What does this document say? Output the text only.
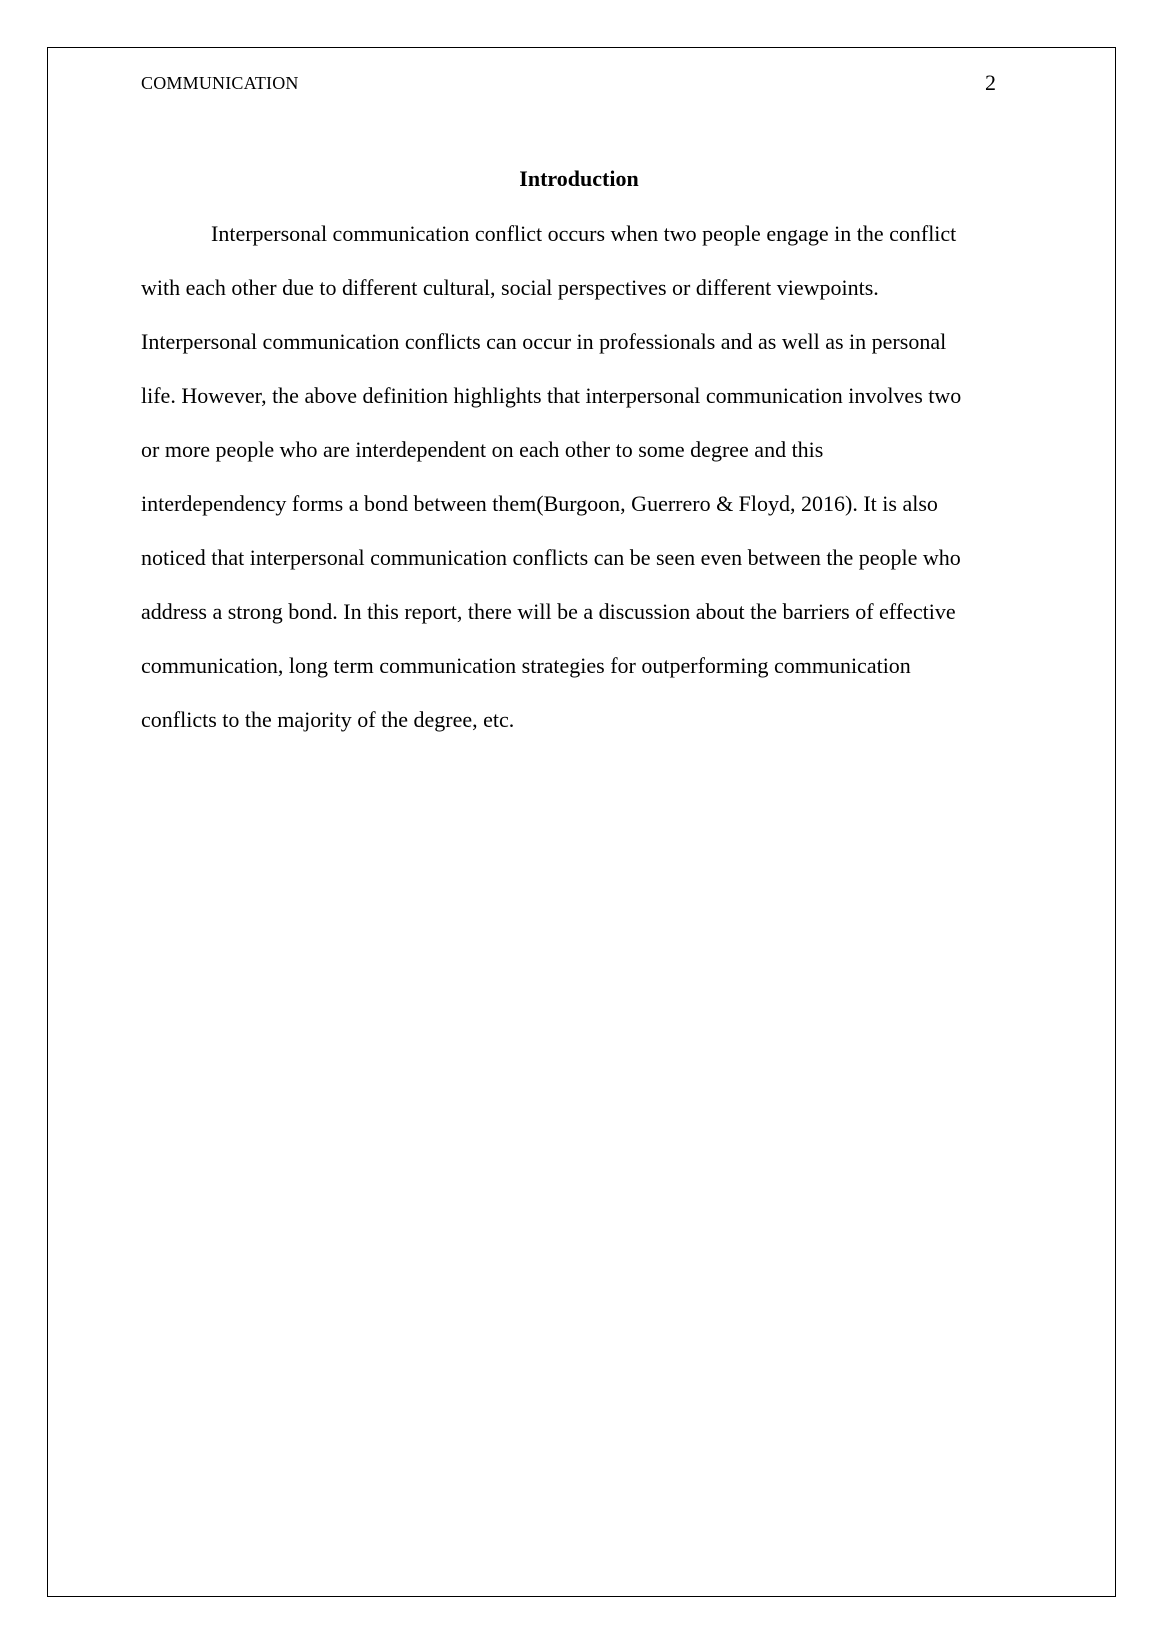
COMMUNICATION	2
Introduction
Interpersonal communication conflict occurs when two people engage in the conflict
with each other due to different cultural, social perspectives or different viewpoints.
Interpersonal communication conflicts can occur in professionals and as well as in personal
life. However, the above definition highlights that interpersonal communication involves two
or more people who are interdependent on each other to some degree and this
interdependency forms a bond between them(Burgoon, Guerrero & Floyd, 2016). It is also
noticed that interpersonal communication conflicts can be seen even between the people who
address a strong bond. In this report, there will be a discussion about the barriers of effective
communication, long term communication strategies for outperforming communication
conflicts to the majority of the degree, etc.
